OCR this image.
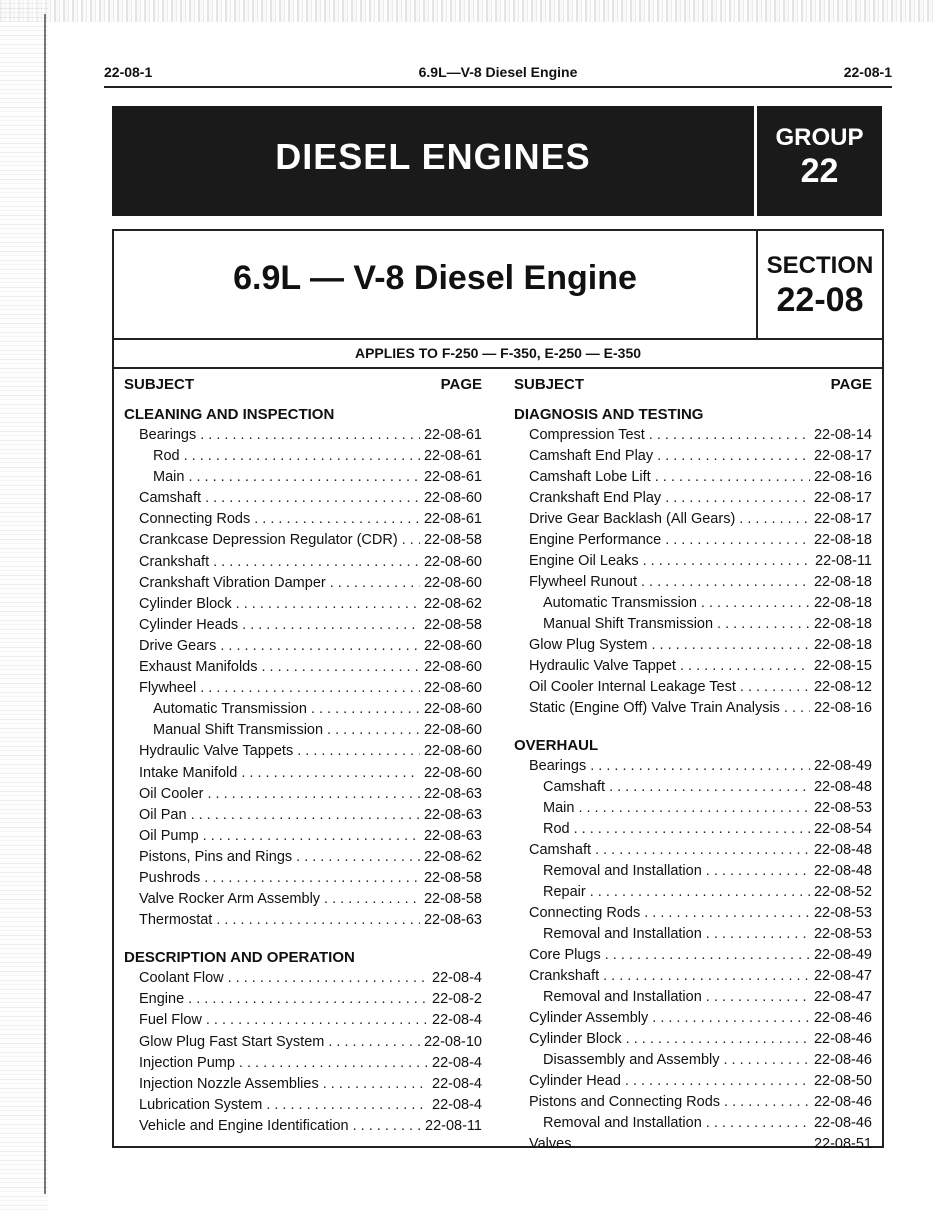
22-08-1	6.9L—V-8 Diesel Engine	22-08-1
DIESEL ENGINES	GROUP
22
6.9L — V-8 Diesel Engine	SECTION
22-08
APPLIES TO F-250 — F-350, E-250 — E-350
SUBJECT	PAGE
CLEANING AND INSPECTION
Bearings . . .	22-08-61
Rod . . .	22-08-61
Main . . .	22-08-61
Camshaft . . .	22-08-60
Connecting Rods . . .	22-08-61
Crankcase Depression Regulator (CDR) . . . 22-08-58
Crankshaft . . .	22-08-60
Crankshaft Vibration Damper . . .	22-08-60
Cylinder Block . . .	22-08-62
Cylinder Heads . . .	22-08-58
Drive Gears . . .	22-08-60
Exhaust Manifolds . . .	22-08-60
Flywheel . . .	22-08-60
Automatic Transmission . . .	22-08-60
Manual Shift Transmission . . .	22-08-60
Hydraulic Valve Tappets . . .	22-08-60
Intake Manifold . . .	22-08-60
Oil Cooler . . .	22-08-63
Oil Pan . . .	22-08-63
Oil Pump . . .	22-08-63
Pistons, Pins and Rings . . .	22-08-62
Pushrods . . .	22-08-58
Valve Rocker Arm Assembly . . .	22-08-58
Thermostat . . .	22-08-63
DESCRIPTION AND OPERATION
Coolant Flow . . .	22-08-4
Engine . . .	22-08-2
Fuel Flow . . .	22-08-4
Glow Plug Fast Start System . . .	22-08-10
Injection Pump . . .	22-08-4
Injection Nozzle Assemblies . . .	22-08-4
Lubrication System . . .	22-08-4
Vehicle and Engine Identification . . .	22-08-11
SUBJECT	PAGE
DIAGNOSIS AND TESTING
Compression Test . . .	22-08-14
Camshaft End Play . . .	22-08-17
Camshaft Lobe Lift . . .	22-08-16
Crankshaft End Play . . .	22-08-17
Drive Gear Backlash (All Gears) . . .	22-08-17
Engine Performance . . .	22-08-18
Engine Oil Leaks . . .	22-08-11
Flywheel Runout . . .	22-08-18
Automatic Transmission . . .	22-08-18
Manual Shift Transmission . . .	22-08-18
Glow Plug System . . .	22-08-18
Hydraulic Valve Tappet . . .	22-08-15
Oil Cooler Internal Leakage Test . . .	22-08-12
Static (Engine Off) Valve Train Analysis . . . 22-08-16
OVERHAUL
Bearings . . .	22-08-49
Camshaft . . .	22-08-48
Main . . .	22-08-53
Rod . . .	22-08-54
Camshaft . . .	22-08-48
Removal and Installation . . .	22-08-48
Repair . . .	22-08-52
Connecting Rods . . .	22-08-53
Removal and Installation . . .	22-08-53
Core Plugs . . .	22-08-49
Crankshaft . . .	22-08-47
Removal and Installation . . .	22-08-47
Cylinder Assembly . . .	22-08-46
Cylinder Block . . .	22-08-46
Disassembly and Assembly . . .	22-08-46
Cylinder Head . . .	22-08-50
Pistons and Connecting Rods . . .	22-08-46
Removal and Installation . . .	22-08-46
Valves . . .	22-08-51
